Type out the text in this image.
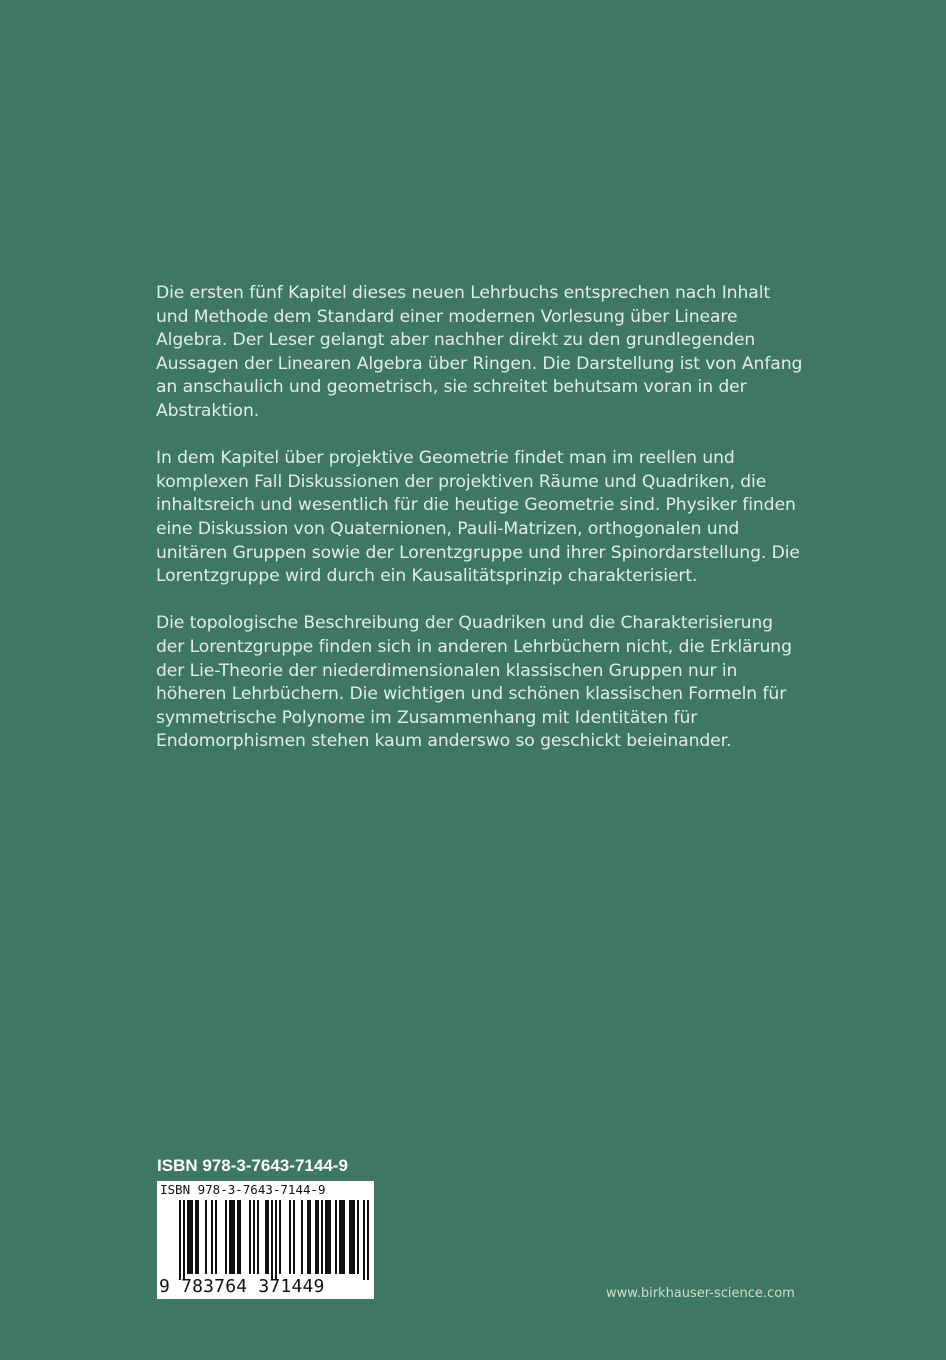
Die ersten fünf Kapitel dieses neuen Lehrbuchs entsprechen nach Inhalt und Methode dem Standard einer modernen Vorlesung über Lineare Algebra. Der Leser gelangt aber nachher direkt zu den grundlegenden Aussagen der Linearen Algebra über Ringen. Die Darstellung ist von Anfang an anschaulich und geometrisch, sie schreitet behutsam voran in der Abstraktion.

In dem Kapitel über projektive Geometrie findet man im reellen und komplexen Fall Diskussionen der projektiven Räume und Quadriken, die inhaltsreich und wesentlich für die heutige Geometrie sind. Physiker finden eine Diskussion von Quaternionen, Pauli-Matrizen, orthogonalen und unitären Gruppen sowie der Lorentzgruppe und ihrer Spinordarstellung. Die Lorentzgruppe wird durch ein Kausalitätsprinzip charakterisiert.

Die topologische Beschreibung der Quadriken und die Charakterisierung der Lorentzgruppe finden sich in anderen Lehrbüchern nicht, die Erklärung der Lie-Theorie der niederdimensionalen klassischen Gruppen nur in höheren Lehrbüchern. Die wichtigen und schönen klassischen Formeln für symmetrische Polynome im Zusammenhang mit Identitäten für Endomorphismen stehen kaum anderswo so geschickt beieinander.

ISBN 978-3-7643-7144-9
ISBN 978-3-7643-7144-9
9 783764 371449	www.birkhauser-science.com
